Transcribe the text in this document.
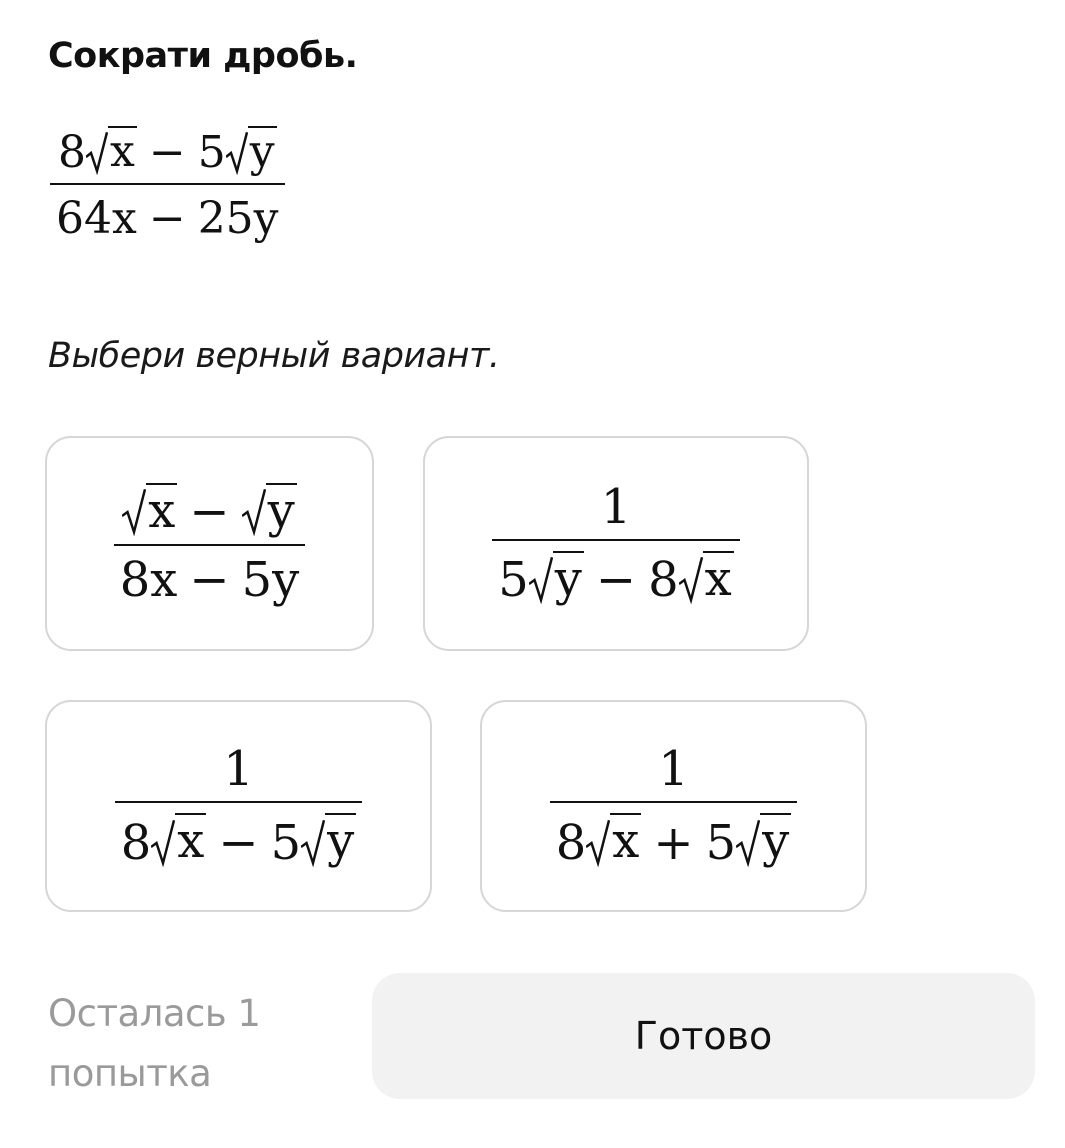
Сократи дробь.
8 x − 5 y
64x − 25y
Выбери верный вариант.
$\frac{x - y}{8x - 5y}$	1
5 y − 8 x
1
8 x − 5 y
1
8 x + 5 y
Осталась 1 попытка
Готово
